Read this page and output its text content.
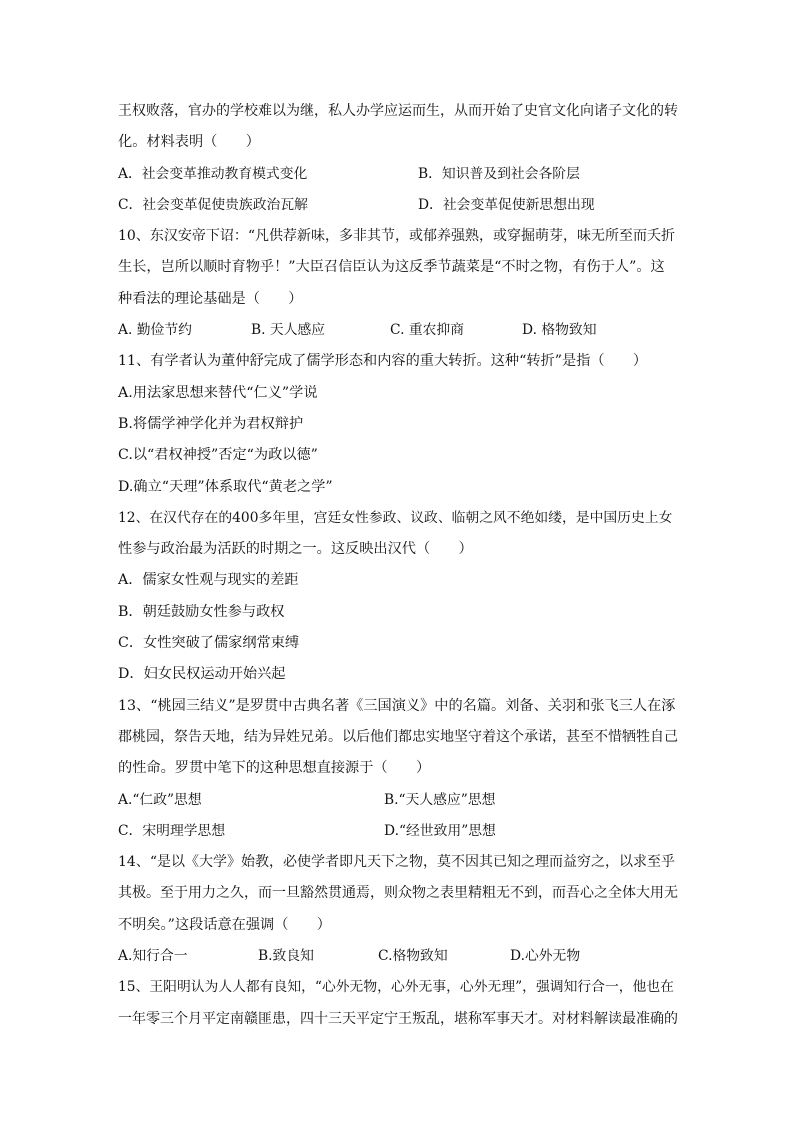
王权败落，官办的学校难以为继，私人办学应运而生，从而开始了史官文化向诸子文化的转

化。材料表明（　　）

A．社会变革推动教育模式变化	B．知识普及到社会各阶层
C．社会变革促使贵族政治瓦解	D．社会变革促使新思想出现

10、东汉安帝下诏：“凡供荐新味，多非其节，或郁养强熟，或穿掘萌芽，味无所至而夭折

生长，岂所以顺时育物乎！”大臣召信臣认为这反季节蔬菜是“不时之物，有伤于人”。这

种看法的理论基础是（　　）

A. 勤俭节约	B. 天人感应	C. 重农抑商	D. 格物致知

11、有学者认为董仲舒完成了儒学形态和内容的重大转折。这种“转折”是指（　　）

A.用法家思想来替代“仁义”学说

B.将儒学神学化并为君权辩护

C.以“君权神授”否定“为政以德”

D.确立“天理”体系取代“黄老之学”

12、在汉代存在的400多年里，宫廷女性参政、议政、临朝之风不绝如缕，是中国历史上女

性参与政治最为活跃的时期之一。这反映出汉代（　　）

A．儒家女性观与现实的差距

B．朝廷鼓励女性参与政权

C．女性突破了儒家纲常束缚

D．妇女民权运动开始兴起

13、“桃园三结义”是罗贯中古典名著《三国演义》中的名篇。刘备、关羽和张飞三人在涿

郡桃园，祭告天地，结为异姓兄弟。以后他们都忠实地坚守着这个承诺，甚至不惜牺牲自己

的性命。罗贯中笔下的这种思想直接源于（　　）

A.“仁政”思想	B.“天人感应”思想
C．宋明理学思想	D.“经世致用”思想

14、“是以《大学》始教，必使学者即凡天下之物，莫不因其已知之理而益穷之，以求至乎

其极。至于用力之久，而一旦豁然贯通焉，则众物之表里精粗无不到，而吾心之全体大用无

不明矣。”这段话意在强调（　　）

A.知行合一	B.致良知	C.格物致知	D.心外无物

15、王阳明认为人人都有良知，“心外无物，心外无事，心外无理”，强调知行合一，他也在

一年零三个月平定南赣匪患，四十三天平定宁王叛乱，堪称军事天才。对材料解读最准确的
